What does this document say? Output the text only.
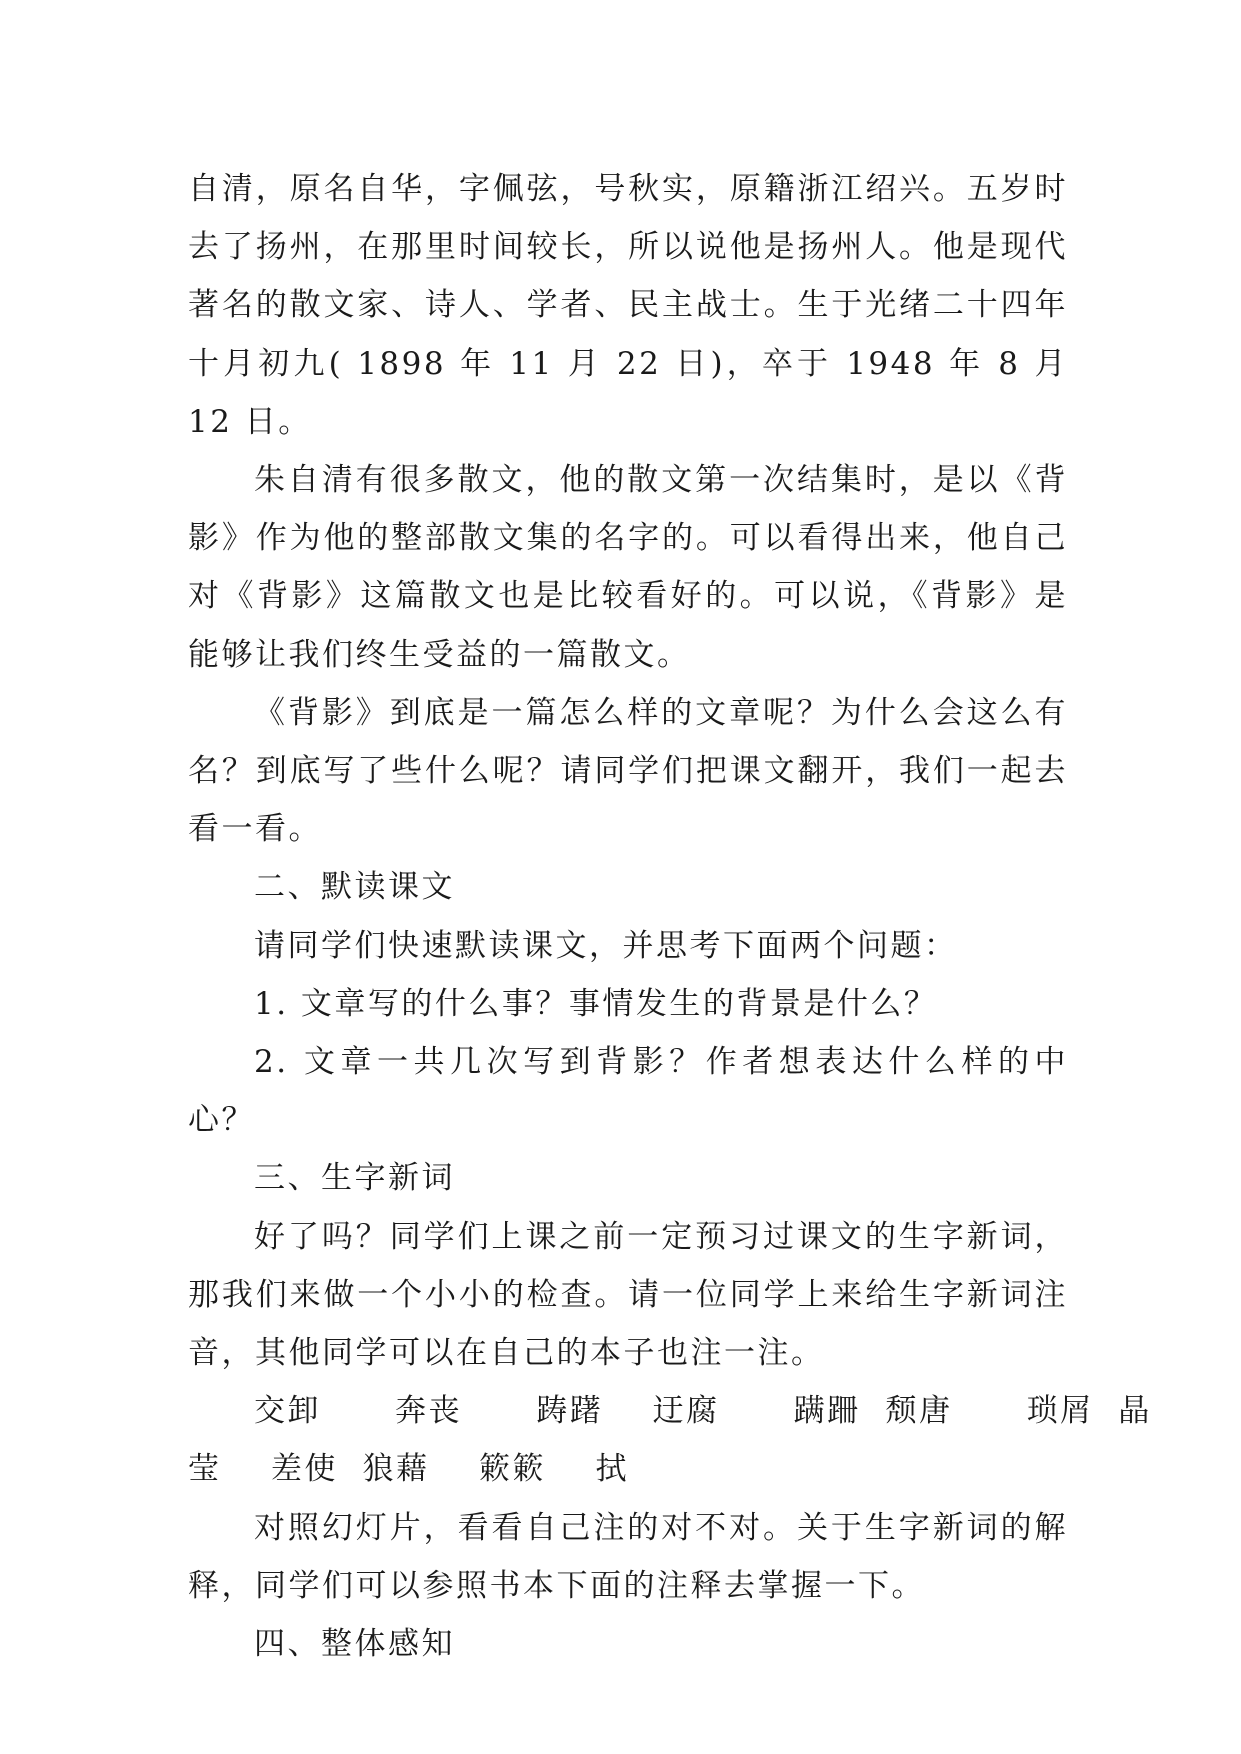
自清，原名自华，字佩弦，号秋实，原籍浙江绍兴。五岁时去了扬州，在那里时间较长，所以说他是扬州人。他是现代著名的散文家、诗人、学者、民主战士。生于光绪二十四年十月初九( 1898 年 11 月 22 日)，卒于 1948 年 8 月 12 日。

朱自清有很多散文，他的散文第一次结集时，是以《背影》作为他的整部散文集的名字的。可以看得出来，他自己对《背影》这篇散文也是比较看好的。可以说，《背影》是能够让我们终生受益的一篇散文。

《背影》到底是一篇怎么样的文章呢？为什么会这么有名？到底写了些什么呢？请同学们把课文翻开，我们一起去看一看。

二、默读课文

请同学们快速默读课文，并思考下面两个问题：

1. 文章写的什么事？事情发生的背景是什么？

2. 文章一共几次写到背影？作者想表达什么样的中心？

三、生字新词

好了吗？同学们上课之前一定预习过课文的生字新词，那我们来做一个小小的检查。请一位同学上来给生字新词注音，其他同学可以在自己的本子也注一注。

交卸      奔丧      踌躇    迂腐      蹒跚  颓唐      琐屑  晶
莹    差使  狼藉    簌簌    拭

对照幻灯片，看看自己注的对不对。关于生字新词的解释，同学们可以参照书本下面的注释去掌握一下。

四、整体感知
